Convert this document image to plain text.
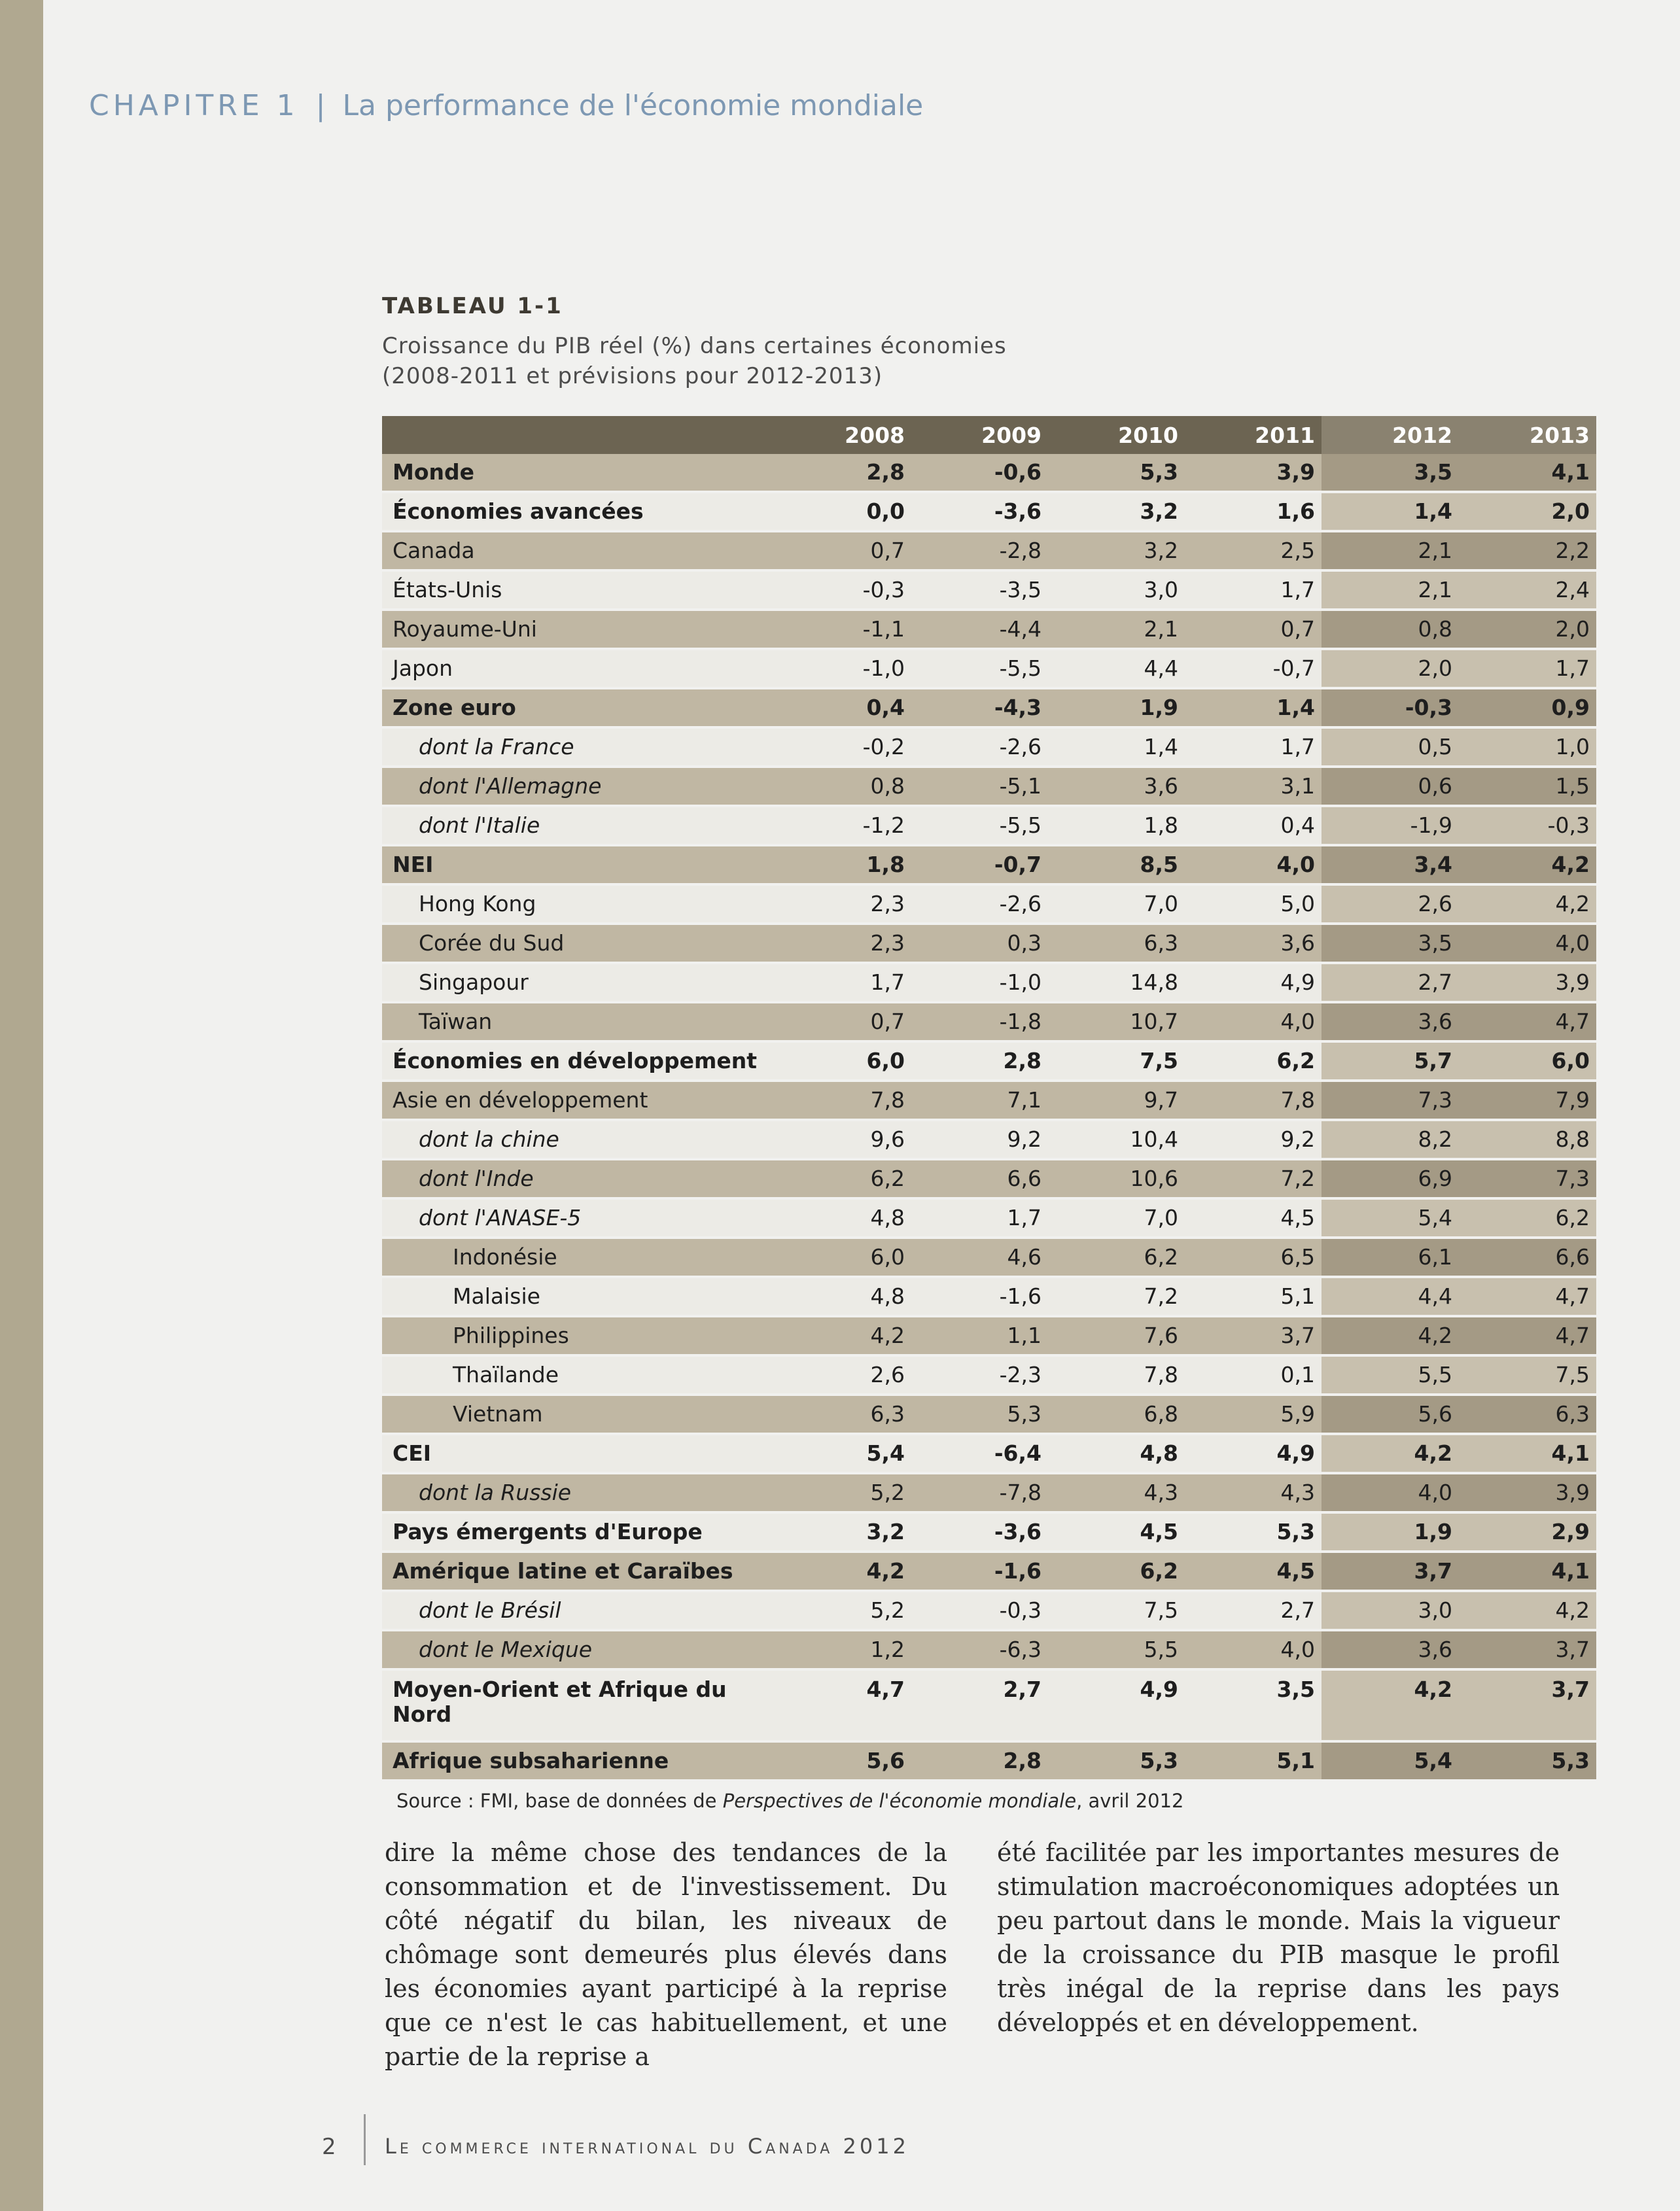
CHAPITRE 1 | La performance de l'économie mondiale
TABLEAU 1-1
Croissance du PIB réel (%) dans certaines économies
(2008-2011 et prévisions pour 2012-2013)
	2008	2009	2010	2011	2012	2013
Monde	2,8	-0,6	5,3	3,9	3,5	4,1
Économies avancées	0,0	-3,6	3,2	1,6	1,4	2,0
Canada	0,7	-2,8	3,2	2,5	2,1	2,2
États-Unis	-0,3	-3,5	3,0	1,7	2,1	2,4
Royaume-Uni	-1,1	-4,4	2,1	0,7	0,8	2,0
Japon	-1,0	-5,5	4,4	-0,7	2,0	1,7
Zone euro	0,4	-4,3	1,9	1,4	-0,3	0,9
dont la France	-0,2	-2,6	1,4	1,7	0,5	1,0
dont l'Allemagne	0,8	-5,1	3,6	3,1	0,6	1,5
dont l'Italie	-1,2	-5,5	1,8	0,4	-1,9	-0,3
NEI	1,8	-0,7	8,5	4,0	3,4	4,2
Hong Kong	2,3	-2,6	7,0	5,0	2,6	4,2
Corée du Sud	2,3	0,3	6,3	3,6	3,5	4,0
Singapour	1,7	-1,0	14,8	4,9	2,7	3,9
Taïwan	0,7	-1,8	10,7	4,0	3,6	4,7
Économies en développement	6,0	2,8	7,5	6,2	5,7	6,0
Asie en développement	7,8	7,1	9,7	7,8	7,3	7,9
dont la chine	9,6	9,2	10,4	9,2	8,2	8,8
dont l'Inde	6,2	6,6	10,6	7,2	6,9	7,3
dont l'ANASE-5	4,8	1,7	7,0	4,5	5,4	6,2
Indonésie	6,0	4,6	6,2	6,5	6,1	6,6
Malaisie	4,8	-1,6	7,2	5,1	4,4	4,7
Philippines	4,2	1,1	7,6	3,7	4,2	4,7
Thaïlande	2,6	-2,3	7,8	0,1	5,5	7,5
Vietnam	6,3	5,3	6,8	5,9	5,6	6,3
CEI	5,4	-6,4	4,8	4,9	4,2	4,1
dont la Russie	5,2	-7,8	4,3	4,3	4,0	3,9
Pays émergents d'Europe	3,2	-3,6	4,5	5,3	1,9	2,9
Amérique latine et Caraïbes	4,2	-1,6	6,2	4,5	3,7	4,1
dont le Brésil	5,2	-0,3	7,5	2,7	3,0	4,2
dont le Mexique	1,2	-6,3	5,5	4,0	3,6	3,7
Moyen-Orient et Afrique du Nord	4,7	2,7	4,9	3,5	4,2	3,7
Afrique subsaharienne	5,6	2,8	5,3	5,1	5,4	5,3
Source : FMI, base de données de Perspectives de l'économie mondiale, avril 2012
dire la même chose des tendances de la consommation et de l'investissement. Du côté négatif du bilan, les niveaux de chômage sont demeurés plus élevés dans les économies ayant participé à la reprise que ce n'est le cas habituellement, et une partie de la reprise a
été facilitée par les importantes mesures de stimulation macroéconomiques adoptées un peu partout dans le monde. Mais la vigueur de la croissance du PIB masque le profil très inégal de la reprise dans les pays développés et en développement.
2 Le commerce international du Canada 2012
